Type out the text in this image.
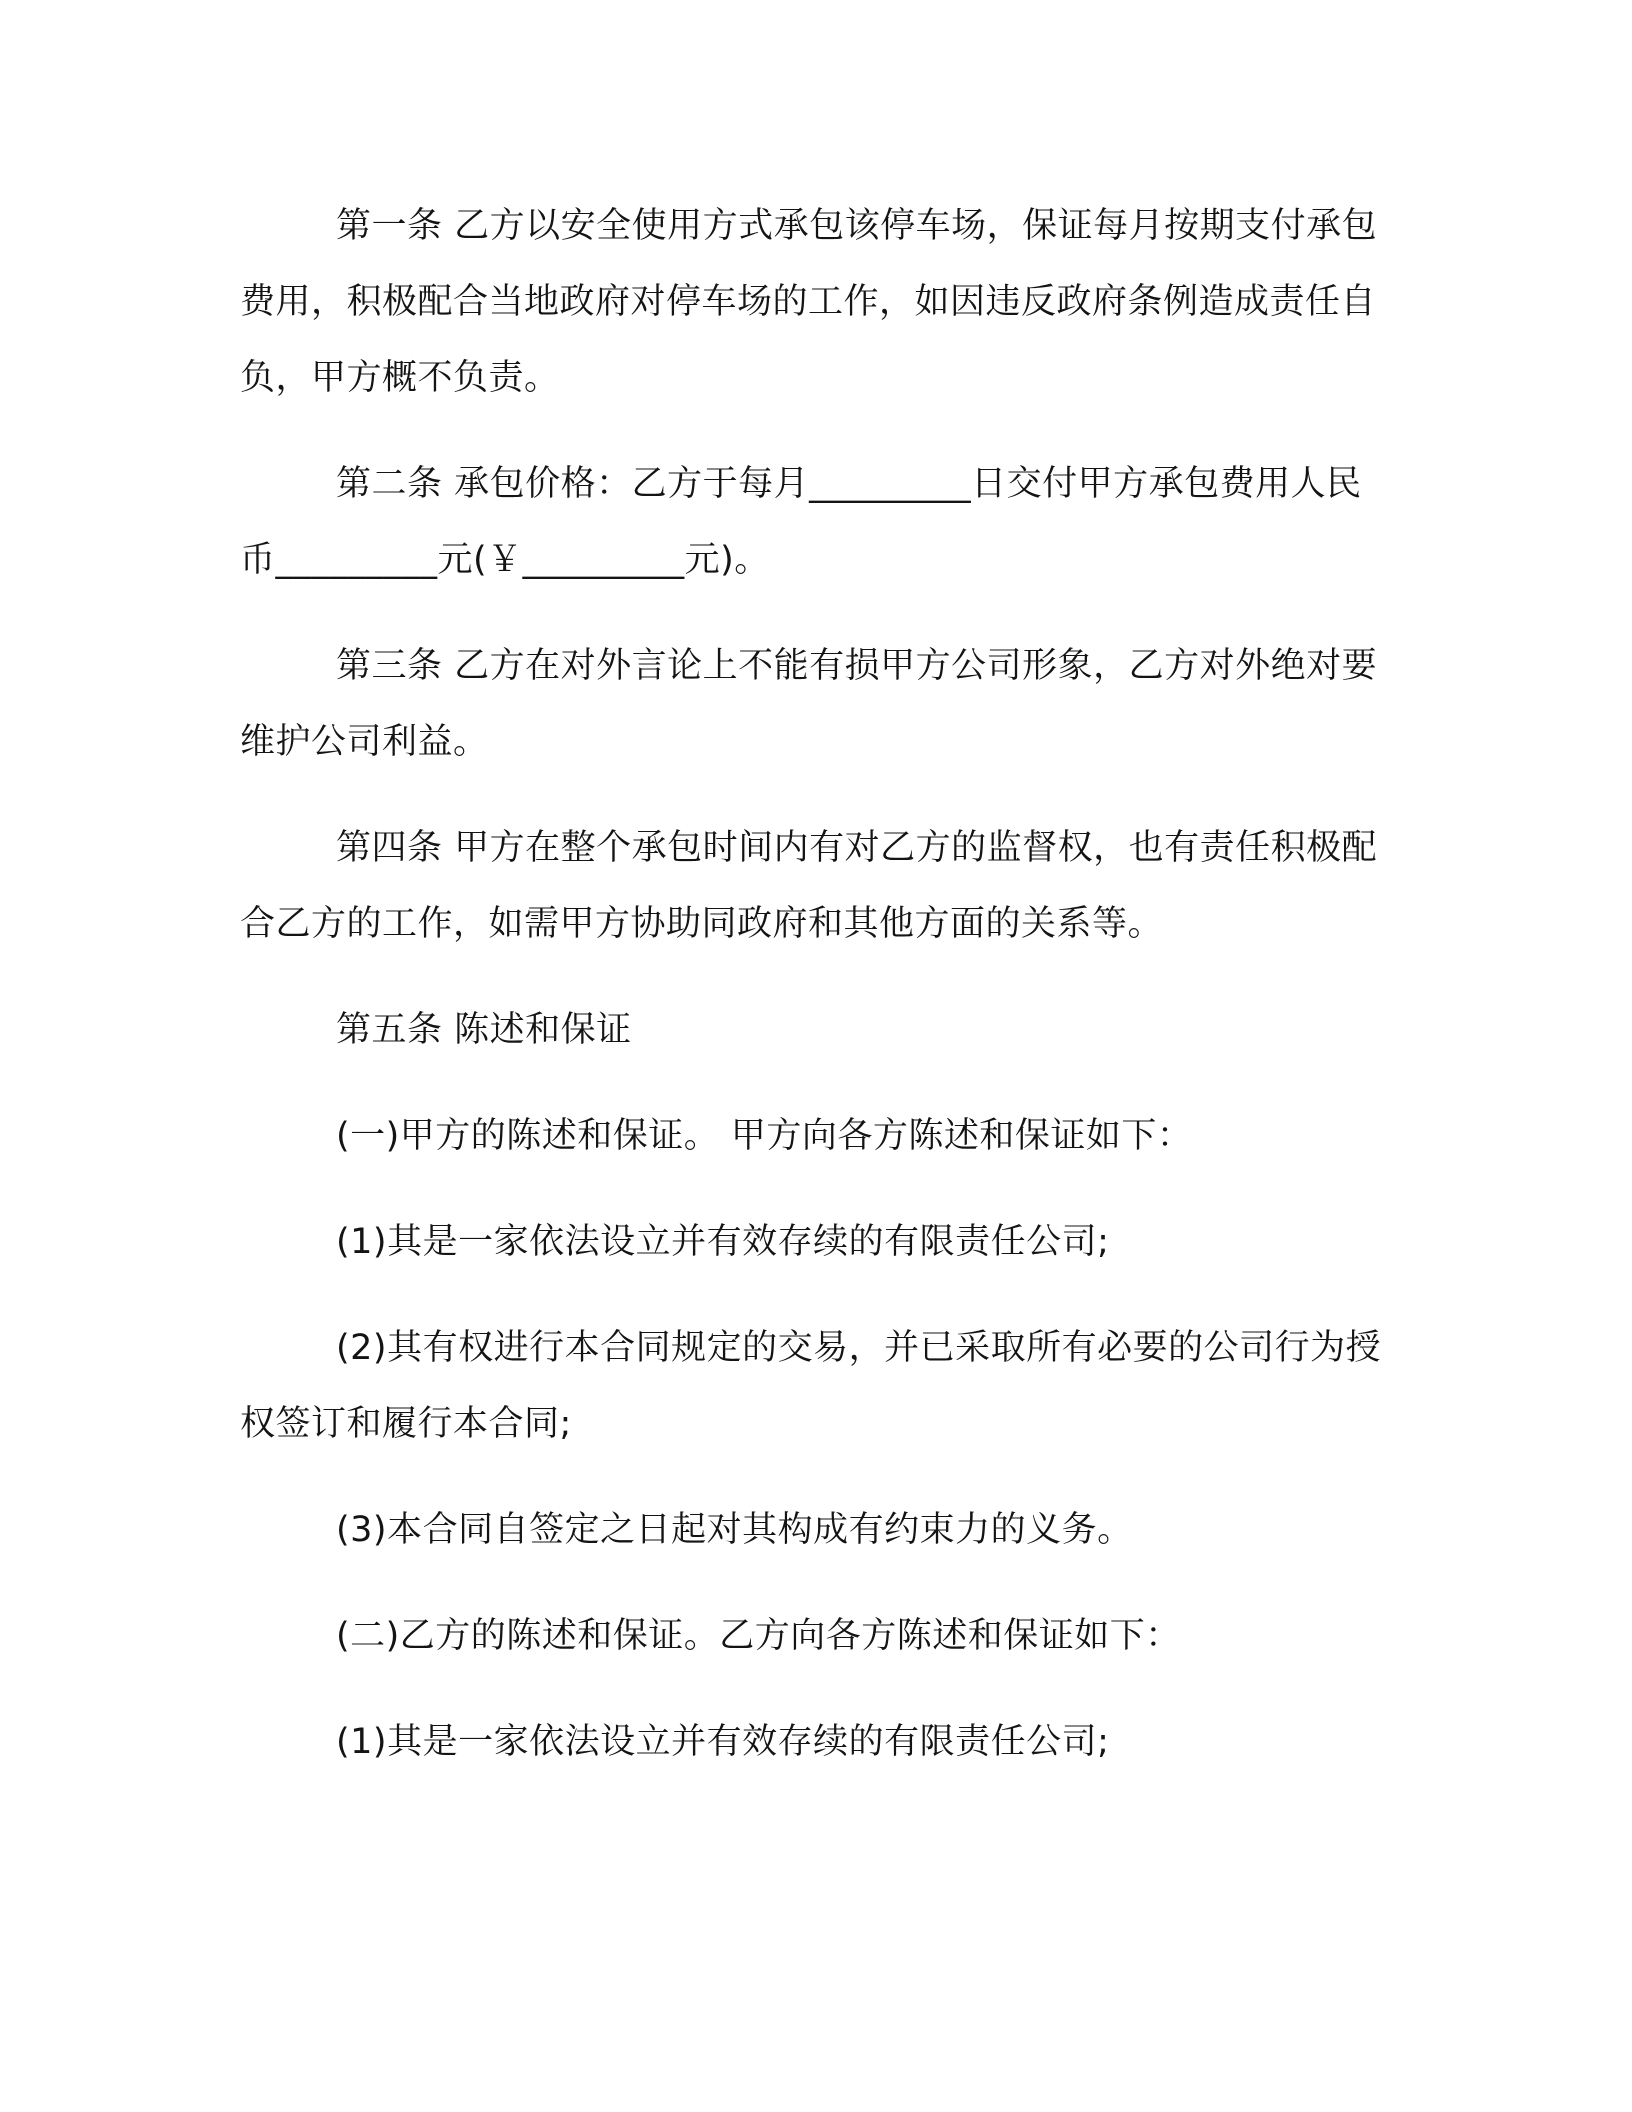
第一条 乙方以安全使用方式承包该停车场，保证每月按期支付承包费用，积极配合当地政府对停车场的工作，如因违反政府条例造成责任自负，甲方概不负责。

第二条 承包价格：乙方于每月_________日交付甲方承包费用人民币_________元(￥_________元)。

第三条 乙方在对外言论上不能有损甲方公司形象，乙方对外绝对要维护公司利益。

第四条 甲方在整个承包时间内有对乙方的监督权，也有责任积极配合乙方的工作，如需甲方协助同政府和其他方面的关系等。

第五条 陈述和保证

(一)甲方的陈述和保证。 甲方向各方陈述和保证如下：

(1)其是一家依法设立并有效存续的有限责任公司;

(2)其有权进行本合同规定的交易，并已采取所有必要的公司行为授权签订和履行本合同;

(3)本合同自签定之日起对其构成有约束力的义务。

(二)乙方的陈述和保证。乙方向各方陈述和保证如下：

(1)其是一家依法设立并有效存续的有限责任公司;
